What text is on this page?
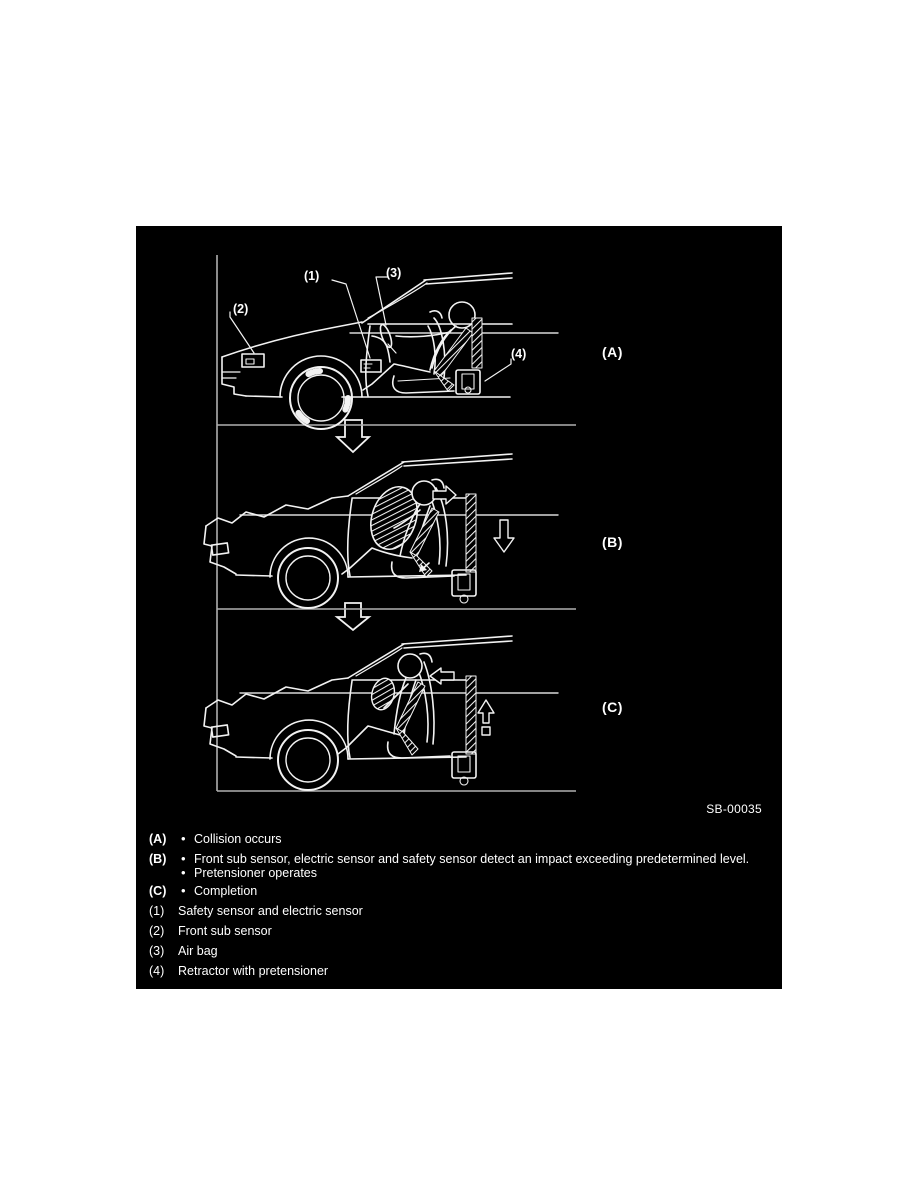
(A)
(B)
(C)
(1)
(2)
(3)
(4)
SB-00035
(A) • Collision occurs
(B) • Front sub sensor, electric sensor and safety sensor detect an impact exceeding predetermined level.
• Pretensioner operates
(C) • Completion
(1) Safety sensor and electric sensor
(2) Front sub sensor
(3) Air bag
(4) Retractor with pretensioner
